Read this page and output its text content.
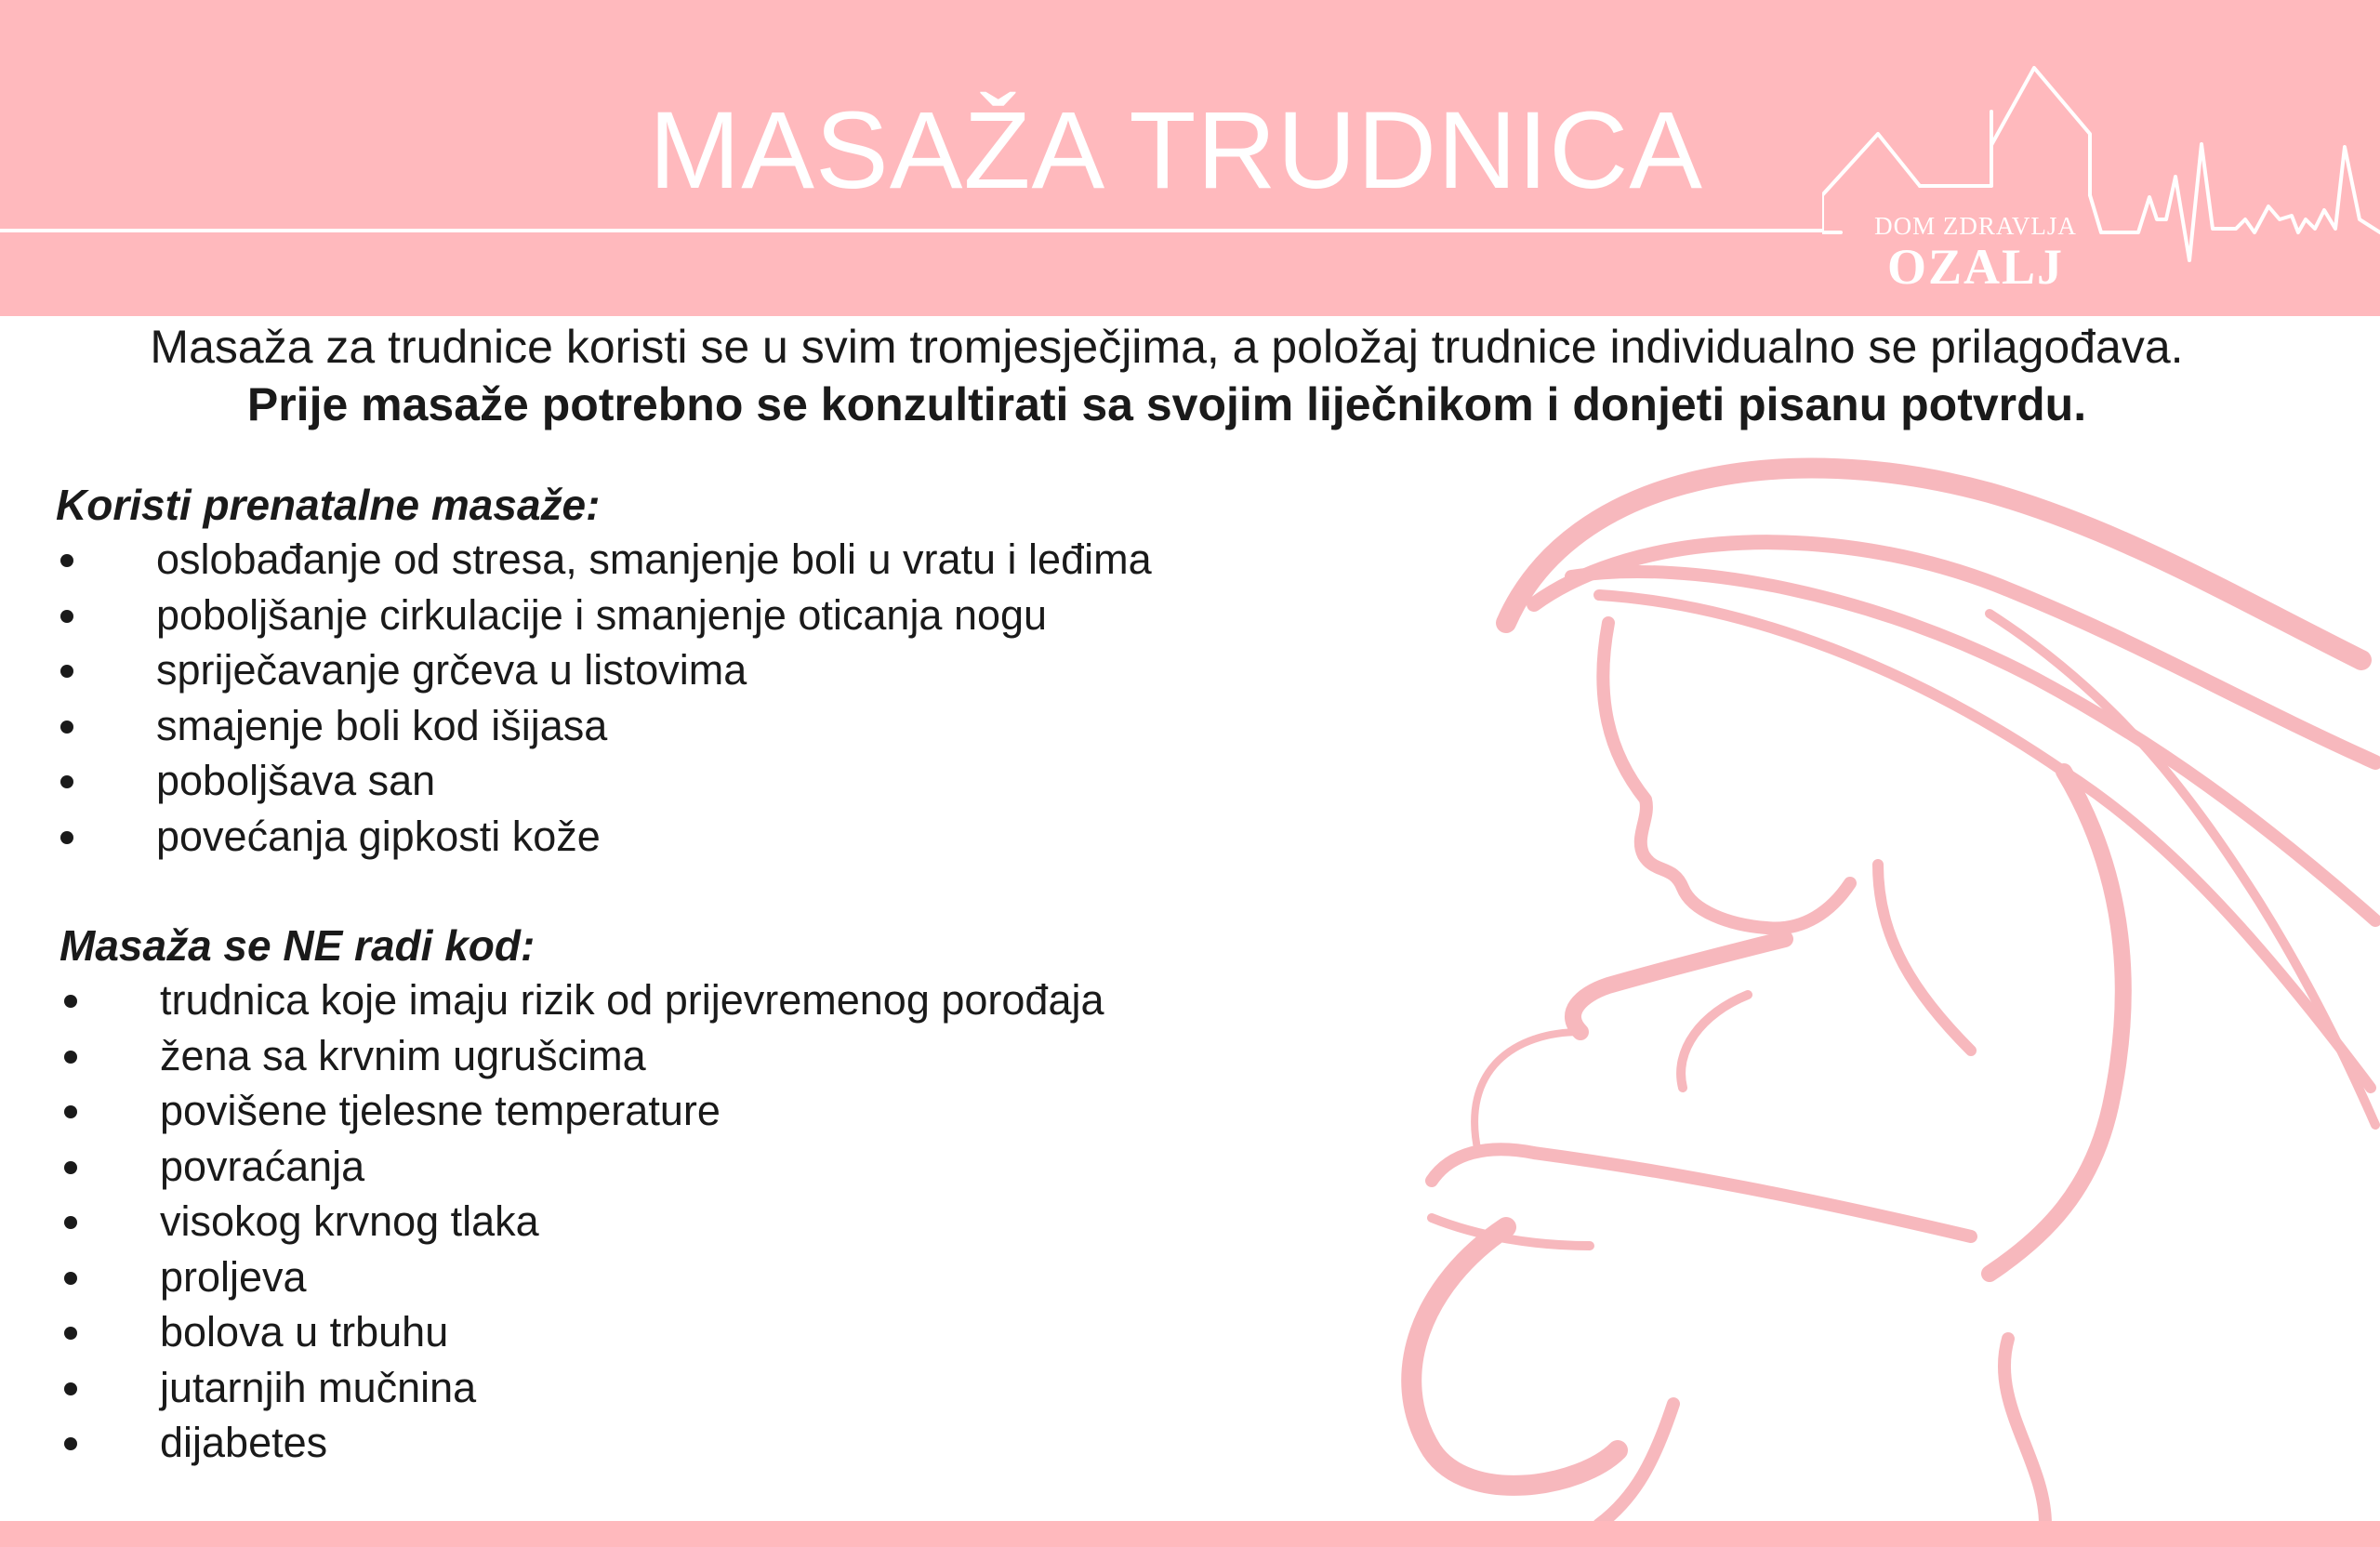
MASAŽA TRUDNICA
DOM ZDRAVLJA
OZALJ
Masaža za trudnice koristi se u svim tromjesječjima, a položaj trudnice individualno se prilagođava.
Prije masaže potrebno se konzultirati sa svojim liječnikom i donjeti pisanu potvrdu.
Koristi prenatalne masaže:
oslobađanje od stresa, smanjenje boli u vratu i leđima
poboljšanje cirkulacije i smanjenje oticanja nogu
spriječavanje grčeva u listovima
smajenje boli kod išijasa
poboljšava san
povećanja gipkosti kože
Masaža se NE radi kod:
trudnica koje imaju rizik od prijevremenog porođaja
žena sa krvnim ugrušcima
povišene tjelesne temperature
povraćanja
visokog krvnog tlaka
proljeva
bolova u trbuhu
jutarnjih mučnina
dijabetes
